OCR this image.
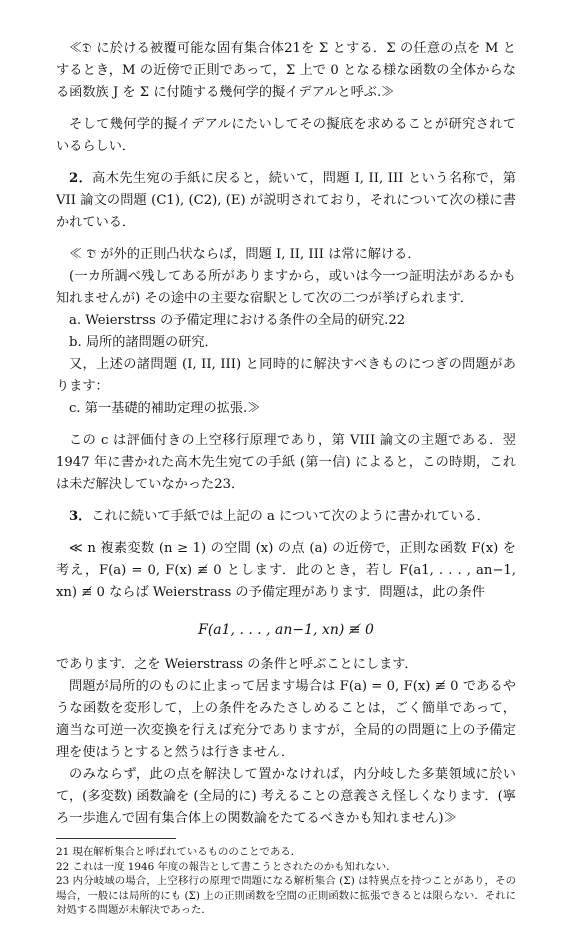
≪𝔇 に於ける被覆可能な固有集合体21を Σ とする．Σ の任意の点を M とするとき，M の近傍で正則であって，Σ 上で 0 となる様な函数の全体からなる函数族 J を Σ に付随する幾何学的擬イデアルと呼ぶ.≫

そして幾何学的擬イデアルにたいしてその擬底を求めることが研究されているらしい．

2．高木先生宛の手紙に戻ると，続いて，問題 I, II, III という名称で，第 VII 論文の問題 (C1), (C2), (E) が説明されており，それについて次の様に書かれている．

≪ 𝔇̄ が外的正則凸状ならば，問題 I, II, III は常に解ける．

(一カ所調べ残してある所がありますから，或いは今一つ証明法があるかも知れませんが) その途中の主要な宿駅として次の二つが挙げられます．

a. Weierstrss の予備定理における条件の全局的研究.22

b. 局所的諸問題の研究．

又，上述の諸問題 (I, II, III) と同時的に解決すべきものにつぎの問題があります：

c. 第一基礎的補助定理の拡張.≫

この c は評価付きの上空移行原理であり，第 VIII 論文の主題である．翌 1947 年に書かれた高木先生宛ての手紙 (第一信) によると，この時期，これは未だ解決していなかった23．

3．これに続いて手紙では上記の a について次のように書かれている．

≪ n 複素変数 (n ≥ 1) の空間 (x) の点 (a) の近傍で，正則な函数 F(x) を考え，F(a) = 0, F(x) ≢ 0 とします．此のとき，若し F(a1, . . . , an−1, xn) ≢ 0 ならば Weierstrass の予備定理があります．問題は，此の条件

F(a1, . . . , an−1, xn) ≢ 0

であります．之を Weierstrass の条件と呼ぶことにします．

問題が局所的のものに止まって居ます場合は F(a) = 0, F(x) ≢ 0 であるやうな函数を変形して，上の条件をみたさしめることは，ごく簡単であって，適当な可逆一次変換を行えば充分でありますが，全局的の問題に上の予備定理を使はうとすると然うは行きません．

のみならず，此の点を解決して置かなければ，内分岐した多葉領域に於いて，(多変数) 函数論を (全局的に) 考えることの意義さえ怪しくなります．(寧ろ一歩進んで固有集合体上の関数論をたてるべきかも知れません)≫

21 現在解析集合と呼ばれているもののことである．

22 これは一度 1946 年度の報告として書こうとされたのかも知れない．

23 内分岐域の場合，上空移行の原理で問題になる解析集合 (Σ) は特異点を持つことがあり，その場合，一般には局所的にも (Σ) 上の正則函数を空間の正則函数に拡張できるとは限らない．それに対処する問題が未解決であった．
